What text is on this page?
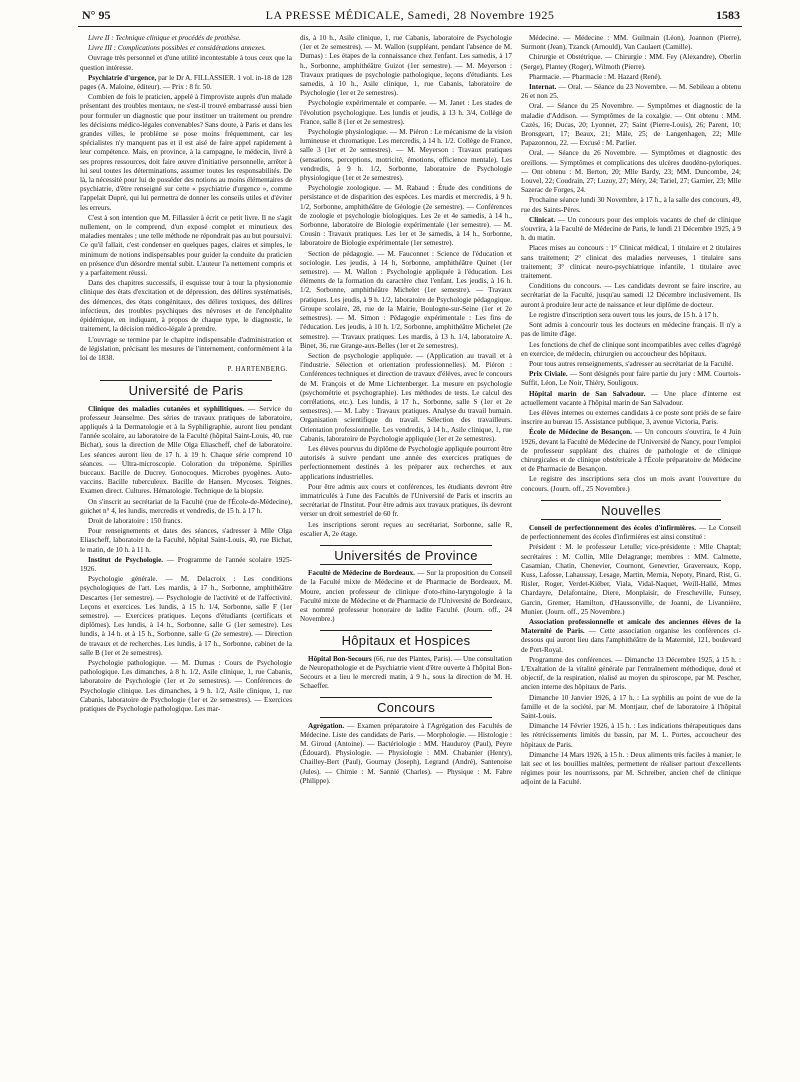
N° 95	LA PRESSE MÉDICALE, Samedi, 28 Novembre 1925	1583

Livre II : Technique clinique et procédés de prothèse.

Livre III : Complications possibles et considérations annexes.

Ouvrage très personnel et d'une utilité incontestable à tous ceux que la question intéresse.

Psychiatrie d'urgence, par le Dr A. FILLASSIER. 1 vol. in-18 de 128 pages (A. Maloine, éditeur). — Prix : 8 fr. 50.

Combien de fois le praticien, appelé à l'improviste auprès d'un malade présentant des troubles mentaux, ne s'est-il trouvé embarrassé aussi bien pour formuler un diagnostic que pour instituer un traitement ou prendre les décisions médico-légales convenables? Sans doute, à Paris et dans les grandes villes, le problème se pose moins fréquemment, car les spécialistes n'y manquent pas et il est aisé de faire appel rapidement à leur compétence. Mais, en province, à la campagne, le médecin, livré à ses propres ressources, doit faire œuvre d'initiative personnelle, arrêter à lui seul toutes les déterminations, assumer toutes les responsabilités. De là, la nécessité pour lui de posséder des notions au moins élémentaires de psychiatrie, d'être renseigné sur cette « psychiatrie d'urgence », comme l'appelait Dupré, qui lui permettra de donner les conseils utiles et d'éviter les erreurs.

C'est à son intention que M. Fillassier à écrit ce petit livre. Il ne s'agit nullement, on le comprend, d'un exposé complet et minutieux des maladies mentales ; une telle méthode ne répondrait pas au but poursuivi. Ce qu'il fallait, c'est condenser en quelques pages, claires et simples, le minimum de notions indispensables pour guider la conduite du praticien en présence d'un désordre mental subit. L'auteur l'a nettement compris et y a parfaitement réussi.

Dans des chapitres successifs, il esquisse tour à tour la physionomie clinique des états d'excitation et de dépression, des délires systématisés, des démences, des états congénitaux, des délires toxiques, des délires infectieux, des troubles psychiques des névroses et de l'encéphalite épidémique, en indiquant, à propos de chaque type, le diagnostic, le traitement, la décision médico-légale à prendre.

L'ouvrage se termine par le chapitre indispensable d'administration et de législation, précisant les mesures de l'internement, conformément à la loi de 1838.

P. HARTENBERG.
Université de Paris

Clinique des maladies cutanées et syphilitiques. — Service du professeur Jeanselme. Des séries de travaux pratiques de laboratoire, appliqués à la Dermatologie et à la Syphiligraphie, auront lieu pendant l'année scolaire, au laboratoire de la Faculté (hôpital Saint-Louis, 40, rue Bichat), sous la direction de Mlle Olga Eliascheff, chef de laboratoire. Les séances auront lieu de 17 h. à 19 h. Chaque série comprend 10 séances. — Ultra-microscopie. Coloration du tréponème. Spirilles buccaux. Bacille de Ducrey. Gonocoques. Microbes pyogènes. Auto-vaccins. Bacille tuberculeux. Bacille de Hansen. Mycoses. Teignes. Examen direct. Cultures. Hématologie. Technique de la biopsie.

On s'inscrit au secrétariat de la Faculté (rue de l'École-de-Médecine), guichet n° 4, les lundis, mercredis et vendredis, de 15 h. à 17 h.

Droit de laboratoire : 150 francs.

Pour renseignements et dates des séances, s'adresser à Mlle Olga Eliascheff, laboratoire de la Faculté, hôpital Saint-Louis, 40, rue Bichat, le matin, de 10 h. à 11 h.

Institut de Psychologie. — Programme de l'année scolaire 1925-1926.

Psychologie générale. — M. Delacroix : Les conditions psychologiques de l'art. Les mardis, à 17 h., Sorbonne, amphithéâtre Descartes (1er semestre). — Psychologie de l'activité et de l'affectivité. Leçons et exercices. Les lundis, à 15 h. 1/4, Sorbonne, salle F (1er semestre). — Exercices pratiques. Leçons d'étudiants (certificats et diplômes). Les lundis, à 14 h., Sorbonne, salle G (1er semestre). Les lundis, à 14 h. et à 15 h., Sorbonne, salle G (2e semestre). — Direction de travaux et de recherches. Les lundis, à 17 h., Sorbonne, cabinet de la salle B (1er et 2e semestres).

Psychologie pathologique. — M. Dumas : Cours de Psychologie pathologique. Les dimanches, à 8 h. 1/2, Asile clinique, 1, rue Cabanis, laboratoire de Psychologie (1er et 2e semestres). — Conférences de Psychologie clinique. Les dimanches, à 9 h. 1/2, Asile clinique, 1, rue Cabanis, laboratoire de Psychologie (1er et 2e semestres). — Exercices pratiques de Psychologie pathologique. Les mar-

dis, à 10 h., Asile clinique, 1, rue Cabanis, laboratoire de Psychologie (1er et 2e semestres). — M. Wallon (suppléant, pendant l'absence de M. Dumas) : Les étapes de la connaissance chez l'enfant. Les samedis, à 17 h., Sorbonne, amphithéâtre Guizot (1er semestre). — M. Meyerson : Travaux pratiques de psychologie pathologique, leçons d'étudiants. Les samedis, à 10 h., Asile clinique, 1, rue Cabanis, laboratoire de Psychologie (1er et 2e semestres).

Psychologie expérimentale et comparée. — M. Janet : Les stades de l'évolution psychologique. Les lundis et jeudis, à 13 h. 3/4, Collège de France, salle 8 (1er et 2e semestres).

Psychologie physiologique. — M. Piéron : Le mécanisme de la vision lumineuse et chromatique. Les mercredis, à 14 h. 1/2. Collège de France, salle 3 (1er et 2e semestres). — M. Meyerson : Travaux pratiques (sensations, perceptions, motricité, émotions, efficience mentale). Les vendredis, à 9 h. 1/2, Sorbonne, laboratoire de Psychologie physiologique (1er et 2e semestres).

Psychologie zoologique. — M. Rabaud : Étude des conditions de persistance et de disparition des espèces. Les mardis et mercredis, à 9 h. 1/2, Sorbonne, amphithéâtre de Géologie (2e semestre). — Conférences de zoologie et psychologie biologiques. Les 2e et 4e samedis, à 14 h., Sorbonne, laboratoire de Biologie expérimentale (1er semestre). — M. Cousin : Travaux pratiques. Les 1er et 3e samedis, à 14 h., Sorbonne, laboratoire de Biologie expérimentale (1er semestre).

Section de pédagogie. — M. Fauconnet : Science de l'éducation et sociologie. Les jeudis, à 14 h, Sorbonne, amphithéâtre Quinet (1er semestre). — M. Wallon : Psychologie appliquée à l'éducation. Les éléments de la formation du caractère chez l'enfant. Les jeudis, à 16 h. 1/2, Sorbonne, amphithéâtre Michelet (1er semestre). — Travaux pratiques. Les jeudis, à 9 h. 1/2, laboratoire de Psychologie pédagogique. Groupe scolaire, 28, rue de la Mairie, Boulogne-sur-Seine (1er et 2e semestres). — M. Simon : Pédagogie expérimentale : Les fins de l'éducation. Les jeudis, à 10 h. 1/2, Sorbonne, amphithéâtre Michelet (2e semestre). — Travaux pratiques. Les mardis, à 13 h. 1/4, laboratoire A. Binet, 36, rue Grange-aux-Belles (1er et 2e semestres).

Section de psychologie appliquée. — (Application au travail et à l'industrie. Sélection et orientation professionnelles). M. Piéron : Conférences techniques et direction de travaux d'élèves, avec le concours de M. François et de Mme Lichtenberger. La mesure en psychologie (psychométrie et psychographie). Les méthodes de tests. Le calcul des corrélations, etc.). Les lundis, à 17 h., Sorbonne, salle S (1er et 2e semestres). — M. Laby : Travaux pratiques. Analyse du travail humain. Organisation scientifique du travail. Sélection des travailleurs. Orientation professionnelle. Les vendredis, à 14 h., Asile clinique, 1, rue Cabanis, laboratoire de Psychologie appliquée (1er et 2e semestres).

Les élèves pourvus du diplôme de Psychologie appliquée pourront être autorisés à suivre pendant une année des exercices pratiques de perfectionnement destinés à les préparer aux recherches et aux applications industrielles.

Pour être admis aux cours et conférences, les étudiants devront être immatriculés à l'une des Facultés de l'Université de Paris et inscrits au secrétariat de l'Institut. Pour être admis aux travaux pratiques, ils devront verser un droit semestriel de 60 fr.

Les inscriptions seront reçues au secrétariat, Sorbonne, salle R, escalier A, 2e étage.

Universités de Province

Faculté de Médecine de Bordeaux. — Sur la proposition du Conseil de la Faculté mixte de Médecine et de Pharmacie de Bordeaux, M. Moure, ancien professeur de clinique d'oto-rhino-laryngologie à la Faculté mixte de Médecine et de Pharmacie de l'Université de Bordeaux, est nommé professeur honoraire de ladite Faculté. (Journ. off., 24 Novembre.)

Hôpitaux et Hospices

Hôpital Bon-Secours (66, rue des Plantes, Paris). — Une consultation de Neuropathologie et de Psychiatrie vient d'être ouverte à l'hôpital Bon-Secours et a lieu le mercredi matin, à 9 h., sous la direction de M. H. Schaeffer.

Concours

Agrégation. — Examen préparatoire à l'Agrégation des Facultés de Médecine. Liste des candidats de Paris. — Morphologie. — Histologie : M. Giroud (Antoine). — Bactériologie : MM. Haudurоy (Paul), Peyre (Édouard). Physiologie. — Physiologie : MM. Chabanier (Henry), Chailley-Bert (Paul), Gournay (Joseph), Legrand (André), Santenoise (Jules). — Chimie : M. Sannié (Charles). — Physique : M. Fabre (Philippe).

Médecine. — Médecine : MM. Guilmain (Léon), Joannon (Pierre), Surmont (Jean), Tzanck (Arnould), Van Caulaert (Camille).

Chirurgie et Obstétrique. — Chirurgie : MM. Fey (Alexandre), Oberlin (Serge), Planteу (Roger), Wilmoth (Pierre).

Pharmacie. — Pharmacie : M. Hazard (René).

Internat. — Oral. — Séance du 23 Novembre. — M. Sebileau a obtenu 26 et non 25.

Oral. — Séance du 25 Novembre. — Symptômes et diagnostic de la maladie d'Addison. — Symptômes de la coxalgie. — Ont obtenu : MM. Cazès, 16; Ducas, 20; Lyonnet, 27; Saint (Pierre-Louis), 26; Parent, 10; Bronsgeart, 17; Beaux, 21; Mâle, 25; de Langenhagen, 22; Mlle Papazonnou, 22. — Excusé : M. Parlier.

Oral. — Séance du 26 Novembre. — Symptômes et diagnostic des oreillons. — Symptômes et complications des ulcères duodéno-pyloriques. — Ont obtenu : M. Berton, 20; Mlle Bardy, 23; MM. Duncombe, 24; Louvel, 22; Coudrain, 27; Luzuy, 27; Méry, 24; Tariel, 27; Garnier, 23; Mlle Sazerac de Forges, 24.

Prochaine séance lundi 30 Novembre, à 17 h., à la salle des concours, 49, rue des Saints-Pères.

Clinicat. — Un concours pour des emplois vacants de chef de clinique s'ouvrira, à la Faculté de Médecine de Paris, le lundi 21 Décembre 1925, à 9 h. du matin.

Places mises au concours : 1° Clinicat médical, 1 titulaire et 2 titulaires sans traitement; 2° clinicat des maladies nerveuses, 1 titulaire sans traitement; 3° clinicat neuro-psychiatrique infantile, 1 titulaire avec traitement.

Conditions du concours. — Les candidats devront se faire inscrire, au secrétariat de la Faculté, jusqu'au samedi 12 Décembre inclusivement. Ils auront à produire leur acte de naissance et leur diplôme de docteur.

Le registre d'inscription sera ouvert tous les jours, de 15 h. à 17 h.

Sont admis à concourir tous les docteurs en médecine français. Il n'y a pas de limite d'âge.

Les fonctions de chef de clinique sont incompatibles avec celles d'agrégé en exercice, de médecin, chirurgien ou accoucheur des hôpitaux.

Pour tous autres renseignements, s'adresser au secrétariat de la Faculté.

Prix Civiale. — Sont désignés pour faire partie du jury : MM. Courtois-Suffit, Léon, Le Noir, Thiéry, Souligoux.

Hôpital marin de San Salvadour. — Une place d'interne est actuellement vacante à l'hôpital marin de San Salvadour.

Les élèves internes ou externes candidats à ce poste sont priés de se faire inscrire au bureau 15. Assistance publique, 3, avenue Victoria, Paris.

École de Médecine de Besançon. — Un concours s'ouvrira, le 4 Juin 1926, devant la Faculté de Médecine de l'Université de Nancy, pour l'emploi de professeur suppléant des chaires de pathologie et de clinique chirurgicales et de clinique obstétricale à l'École préparatoire de Médecine et de Pharmacie de Besançon.

Le registre des inscriptions sera clos un mois avant l'ouverture du concours. (Journ. off., 25 Novembre.)

Nouvelles

Conseil de perfectionnement des écoles d'infirmières. — Le Conseil de perfectionnement des écoles d'infirmières est ainsi constitué :

Président : M. le professeur Letulle; vice-présidente : Mlle Chaptal; secrétaires : M. Collin, Mlle Delagrange; membres : MM. Calmette, Casamian, Chatin, Chenevier, Cournont, Genevrier, Gravereaux, Kopp, Kuss, Lafosse, Lahaussay, Lesage, Martin, Mernia, Nepoty, Pinard, Rist, G. Risler, Roger, Verdet-Kiéber, Viala, Vidal-Naquet, Weill-Hallé, Mmes Chardayre, Delafontaine, Diere, Monplaisir, de Frescheville, Funsey, Garcin, Gremer, Hamilton, d'Haussonville, de Joanni, de Livannière, Munier. (Journ. off., 25 Novembre.)

Association professionnelle et amicale des anciennes élèves de la Maternité de Paris. — Cette association organise les conférences ci-dessous qui auront lieu dans l'amphithéâtre de la Maternité, 121, boulevard de Port-Royal.

Programme des conférences. — Dimanche 13 Décembre 1925, à 15 h. : L'Exaltation de la vitalité générale par l'entraînement méthodique, doué et objectif, de la respiration, réalisé au moyen du spiroscope, par M. Pescher, ancien interne des hôpitaux de Paris.

Dimanche 10 Janvier 1926, à 17 h. : La syphilis au point de vue de la famille et de la société, par M. Montjaur, chef de laboratoire à l'hôpital Saint-Louis.

Dimanche 14 Février 1926, à 15 h. : Les indications thérapeutiques dans les rétrécissements limités du bassin, par M. L. Portes, accoucheur des hôpitaux de Paris.

Dimanche 14 Mars 1926, à 15 h. : Deux aliments très faciles à manier, le lait sec et les bouillies maltées, permettent de réaliser partout d'excellents régimes pour les nourrissons, par M. Schreiber, ancien chef de clinique adjoint de la Faculté.
